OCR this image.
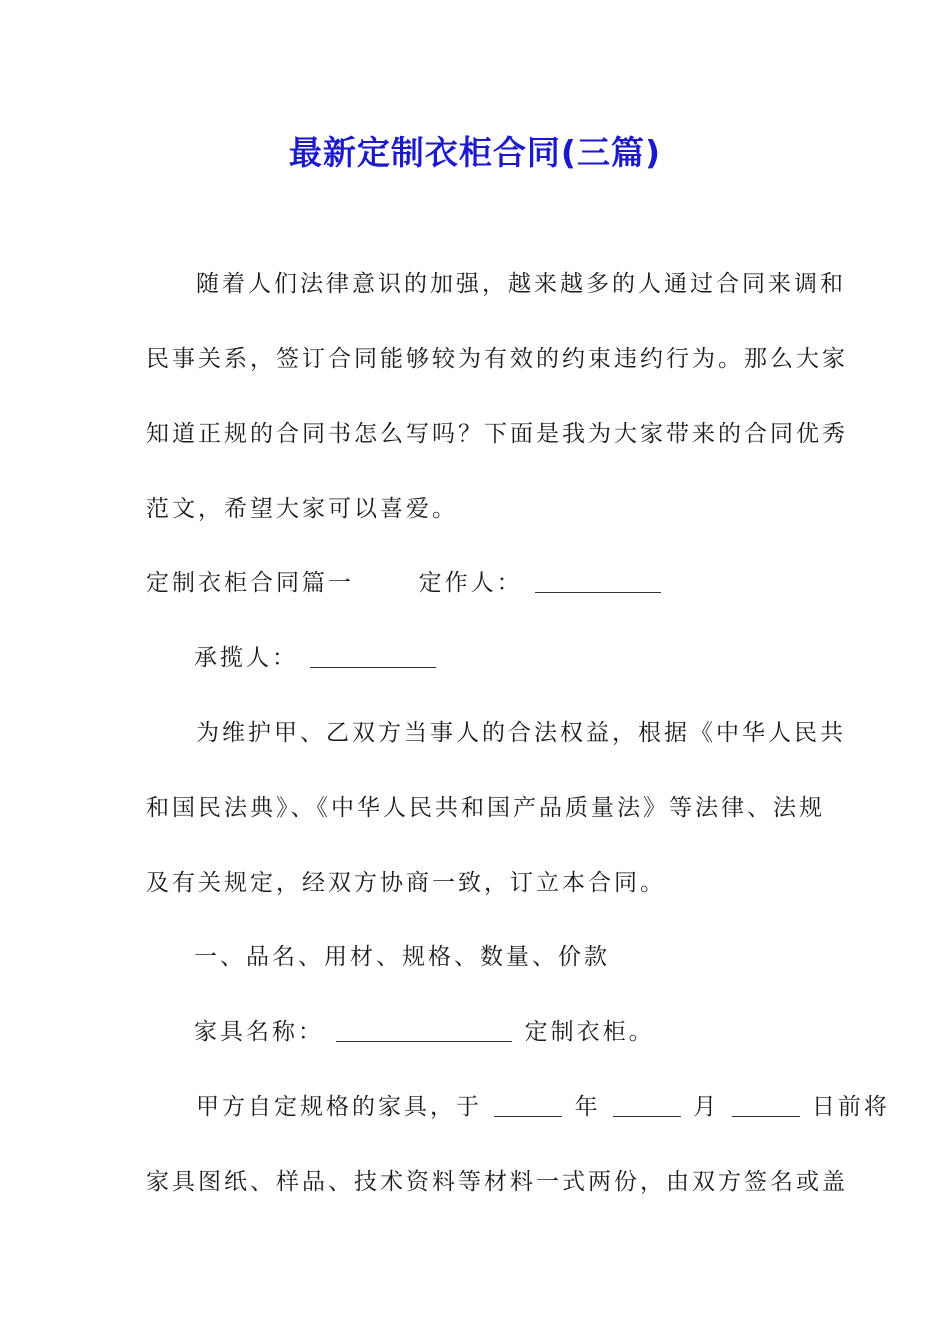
最新定制衣柜合同(三篇)
随着人们法律意识的加强，越来越多的人通过合同来调和
民事关系，签订合同能够较为有效的约束违约行为。那么大家
知道正规的合同书怎么写吗？下面是我为大家带来的合同优秀
范文，希望大家可以喜爱。
定制衣柜合同篇一	定作人：
承揽人：
为维护甲、乙双方当事人的合法权益，根据《中华人民共
和国民法典》、《中华人民共和国产品质量法》等法律、法规
及有关规定，经双方协商一致，订立本合同。
一、品名、用材、规格、数量、价款
家具名称：	定制衣柜。
甲方自定规格的家具，于	年	月	日前将
家具图纸、样品、技术资料等材料一式两份，由双方签名或盖
